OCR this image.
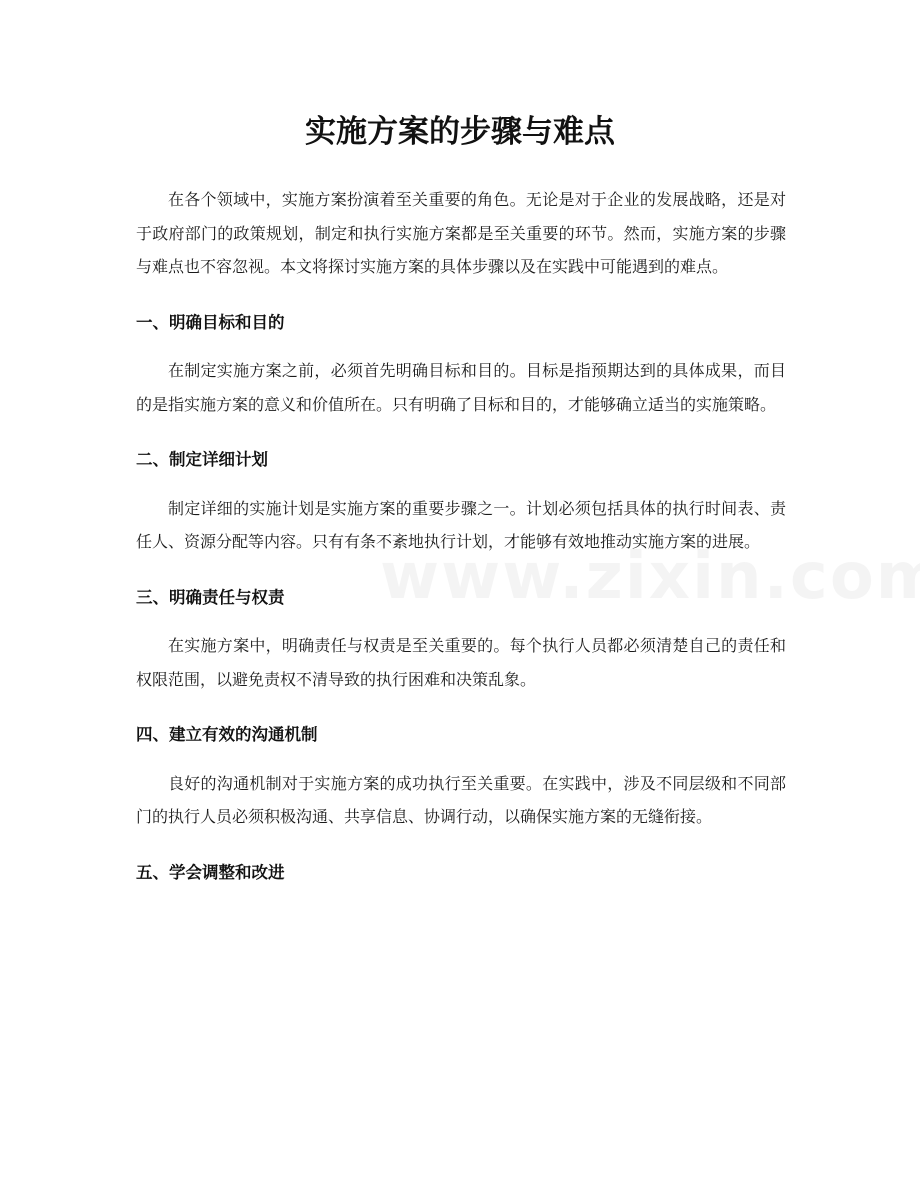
实施方案的步骤与难点

在各个领域中，实施方案扮演着至关重要的角色。无论是对于企业的发展战略，还是对于政府部门的政策规划，制定和执行实施方案都是至关重要的环节。然而，实施方案的步骤与难点也不容忽视。本文将探讨实施方案的具体步骤以及在实践中可能遇到的难点。

一、明确目标和目的

在制定实施方案之前，必须首先明确目标和目的。目标是指预期达到的具体成果，而目的是指实施方案的意义和价值所在。只有明确了目标和目的，才能够确立适当的实施策略。

二、制定详细计划

制定详细的实施计划是实施方案的重要步骤之一。计划必须包括具体的执行时间表、责任人、资源分配等内容。只有有条不紊地执行计划，才能够有效地推动实施方案的进展。

三、明确责任与权责

在实施方案中，明确责任与权责是至关重要的。每个执行人员都必须清楚自己的责任和权限范围，以避免责权不清导致的执行困难和决策乱象。

四、建立有效的沟通机制

良好的沟通机制对于实施方案的成功执行至关重要。在实践中，涉及不同层级和不同部门的执行人员必须积极沟通、共享信息、协调行动，以确保实施方案的无缝衔接。

五、学会调整和改进
